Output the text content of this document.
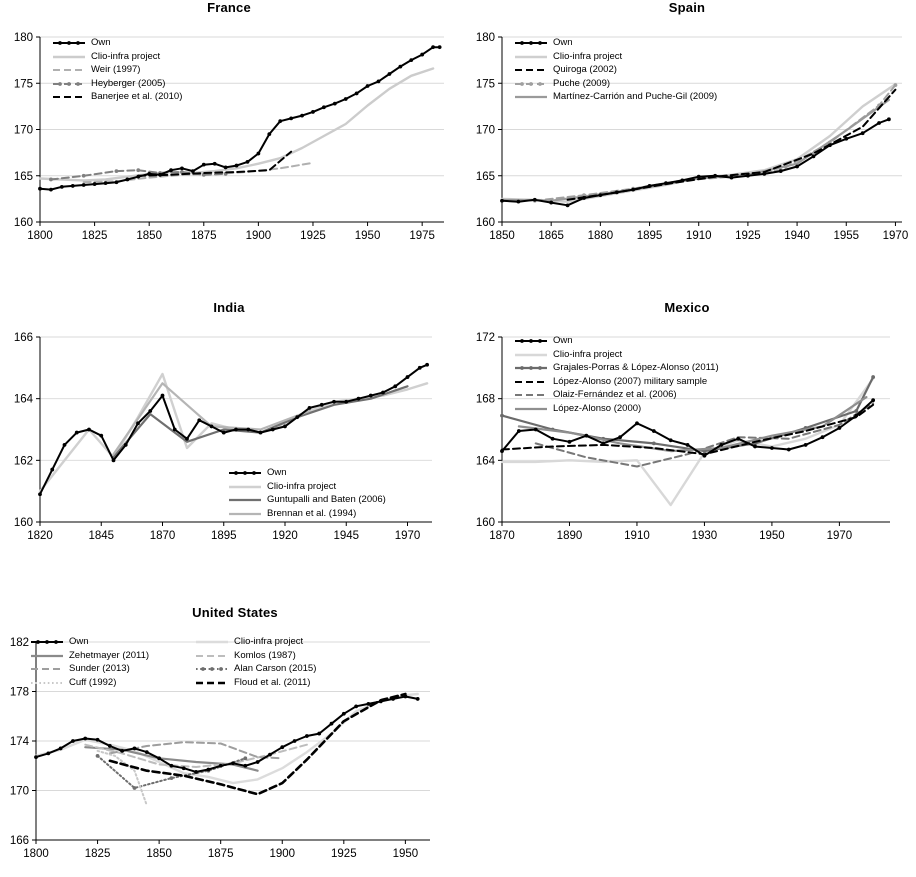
France
1800	1825	1850	1875	1900	1925	1950	1975
160
165
170
175
180	Own
Clio-infra project
Weir (1997)
Heyberger (2005)
Banerjee et al. (2010)
Spain
1850 1865 1880 1895 1910 1925 1940 1955 1970
160
165
170
175
180	Own
Clio-infra project
Quiroga (2002)
Puche (2009)
Martínez-Carrión and Puche-Gil (2009)
India
1820	1845	1870	1895	1920	1945	1970
160
162
164
166
Own
Clio-infra project
Guntupalli and Baten (2006)
Brennan et al. (1994)
Mexico
1870	1890	1910	1930	1950	1970
160
164
168
172	Own
Clio-infra project
Grajales-Porras & López-Alonso (2011)
López-Alonso (2007) military sample
Olaiz-Fernández et al. (2006)
López-Alonso (2000)
United States
1800	1825	1850	1875	1900	1925	1950
166
170
174
178
182	Own	Clio-infra project
Zehetmayer (2011)	Komlos (1987)
Sunder (2013)	Alan Carson (2015)
Cuff (1992)	Floud et al. (2011)
